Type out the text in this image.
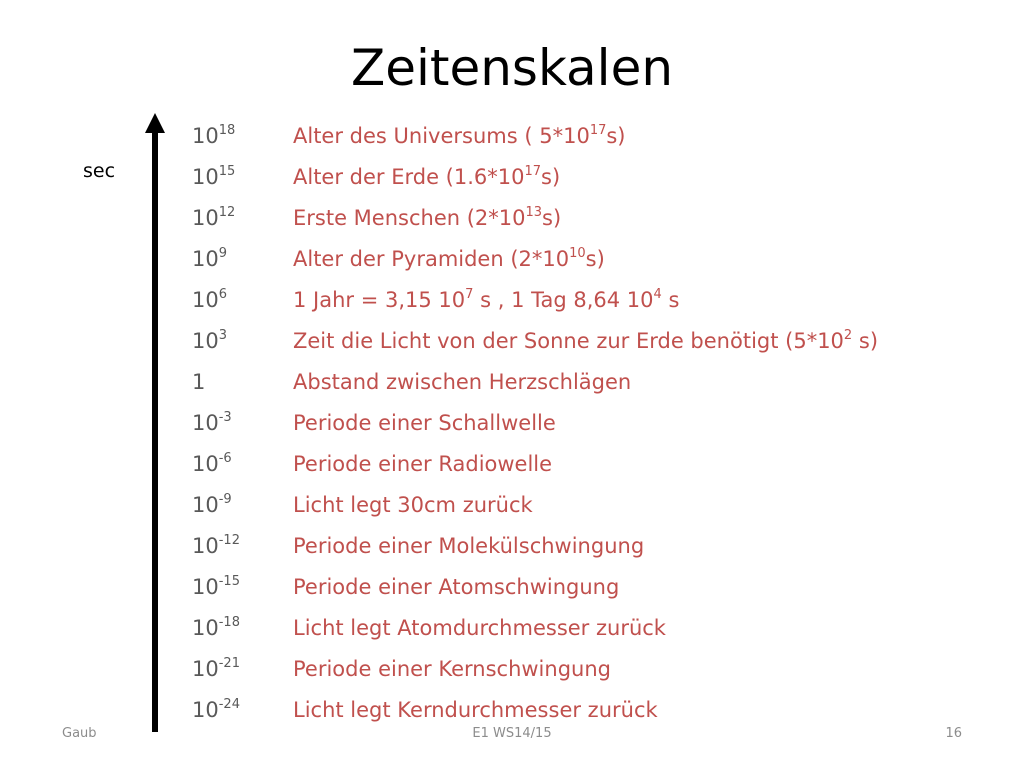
Zeitenskalen
sec
$10^{18}$	Alter des Universums ( $5*10^{17}s$)
$10^{15}$	Alter der Erde $(1.6*10^{17}s)$
$10^{12}$	Erste Menschen $(2*10^{13}s)$
$10^9$	Alter der Pyramiden $(2*10^{10}s)$
$10^6$	1 Jahr = 3,15 $10^7$ s , 1 Tag 8,64 $10^4$ s
$10^3$	Zeit die Licht von der Sonne zur Erde benötigt ($5*10^2$ s)
1	Abstand zwischen Herzschlägen
$10^{-3}$	Periode einer Schallwelle
$10^{-6}$	Periode einer Radiowelle
$10^{-9}$	Licht legt 30cm zurück
$10^{-12}$	Periode einer Molekülschwingung
$10^{-15}$	Periode einer Atomschwingung
$10^{-18}$	Licht legt Atomdurchmesser zurück
$10^{-21}$	Periode einer Kernschwingung
$10^{-24}$	Licht legt Kerndurchmesser zurück
Gaub	E1 WS14/15	16
